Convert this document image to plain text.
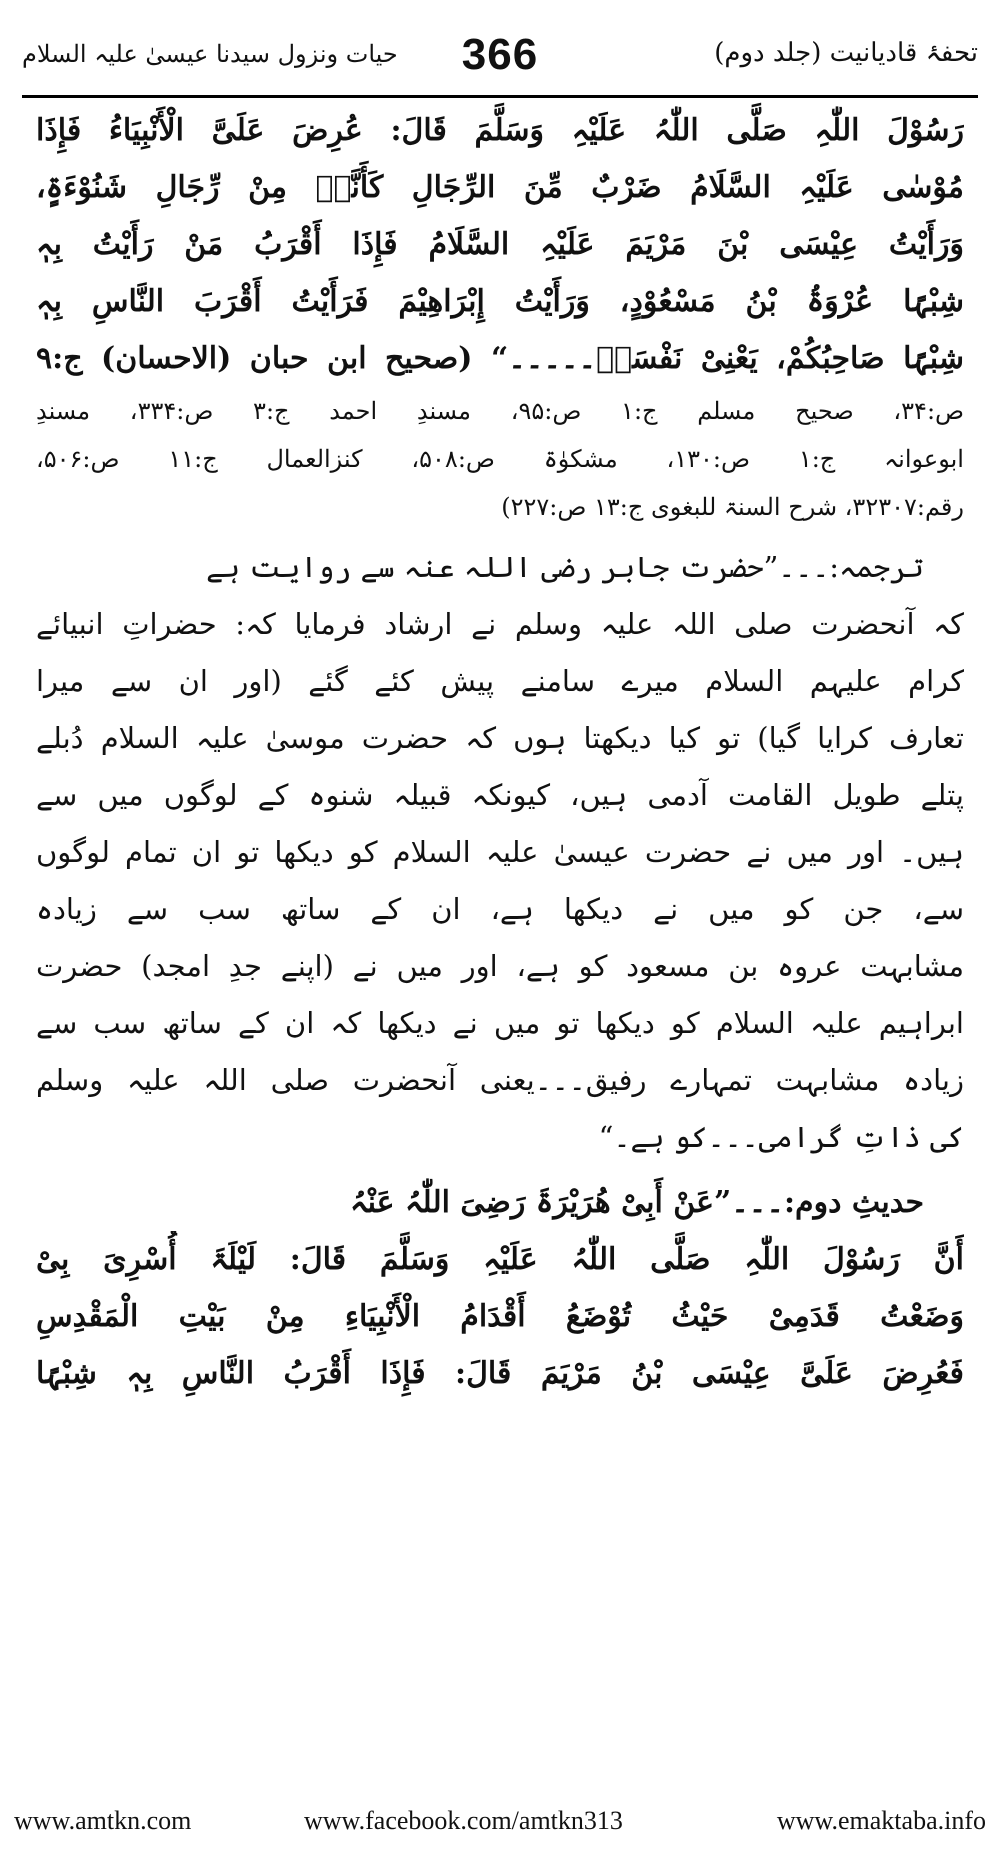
حیات ونزول سیدنا عیسیٰ علیہ السلام	366	تحفۂ قادیانیت (جلد دوم)
رَسُوْلَ اللّٰہِ صَلَّی اللّٰہُ عَلَیْہِ وَسَلَّمَ قَالَ: عُرِضَ عَلَیَّ الْأَنْبِیَاءُ فَإِذَا
مُوْسٰی عَلَیْہِ السَّلَامُ ضَرْبٌ مِّنَ الرِّجَالِ کَأَنَّہٗ مِنْ رِّجَالِ شَنُوْءَۃٍ،
وَرَأَیْتُ عِیْسَی بْنَ مَرْیَمَ عَلَیْہِ السَّلَامُ فَإِذَا أَقْرَبُ مَنْ رَأَیْتُ بِہٖ
شِبْہًا عُرْوَۃُ بْنُ مَسْعُوْدٍ، وَرَأَیْتُ إِبْرَاھِیْمَ فَرَأَیْتُ أَقْرَبَ النَّاسِ بِہٖ
شِبْہًا صَاحِبُکُمْ، یَعْنِیْ نَفْسَہٗ۔۔۔۔۔“ (صحیح ابن حبان (الاحسان) ج:۹
ص:۳۴، صحیح مسلم ج:۱ ص:۹۵، مسندِ احمد ج:۳ ص:۳۳۴، مسندِ
ابوعوانہ ج:۱ ص:۱۳۰، مشکوٰۃ ص:۵۰۸، کنزالعمال ج:۱۱ ص:۵۰۶،
رقم:۳۲۳۰۷، شرح السنۃ للبغوی ج:۱۳ ص:۲۲۷)
ترجمہ:۔۔۔”حضرت جابر رضی اللہ عنہ سے روایت ہے
کہ آنحضرت صلی اللہ علیہ وسلم نے ارشاد فرمایا کہ: حضراتِ انبیائے
کرام علیہم السلام میرے سامنے پیش کئے گئے (اور ان سے میرا
تعارف کرایا گیا) تو کیا دیکھتا ہوں کہ حضرت موسیٰ علیہ السلام دُبلے
پتلے طویل القامت آدمی ہیں، کیونکہ قبیلہ شنوہ کے لوگوں میں سے
ہیں۔ اور میں نے حضرت عیسیٰ علیہ السلام کو دیکھا تو ان تمام لوگوں
سے، جن کو میں نے دیکھا ہے، ان کے ساتھ سب سے زیادہ
مشابہت عروہ بن مسعود کو ہے، اور میں نے (اپنے جدِ امجد) حضرت
ابراہیم علیہ السلام کو دیکھا تو میں نے دیکھا کہ ان کے ساتھ سب سے
زیادہ مشابہت تمہارے رفیق۔۔۔یعنی آنحضرت صلی اللہ علیہ وسلم
کی ذاتِ گرامی۔۔۔کو ہے۔“
حدیثِ دوم:۔۔۔”عَنْ أَبِیْ ھُرَیْرَۃَ رَضِیَ اللّٰہُ عَنْہُ
أَنَّ رَسُوْلَ اللّٰہِ صَلَّی اللّٰہُ عَلَیْہِ وَسَلَّمَ قَالَ: لَیْلَۃَ أُسْرِیَ بِیْ
وَضَعْتُ قَدَمِیْ حَیْثُ تُوْضَعُ أَقْدَامُ الْأَنْبِیَاءِ مِنْ بَیْتِ الْمَقْدِسِ
فَعُرِضَ عَلَیَّ عِیْسَی بْنُ مَرْیَمَ قَالَ: فَإِذَا أَقْرَبُ النَّاسِ بِہٖ شِبْہًا
www.amtkn.com	www.facebook.com/amtkn313	www.emaktaba.info
